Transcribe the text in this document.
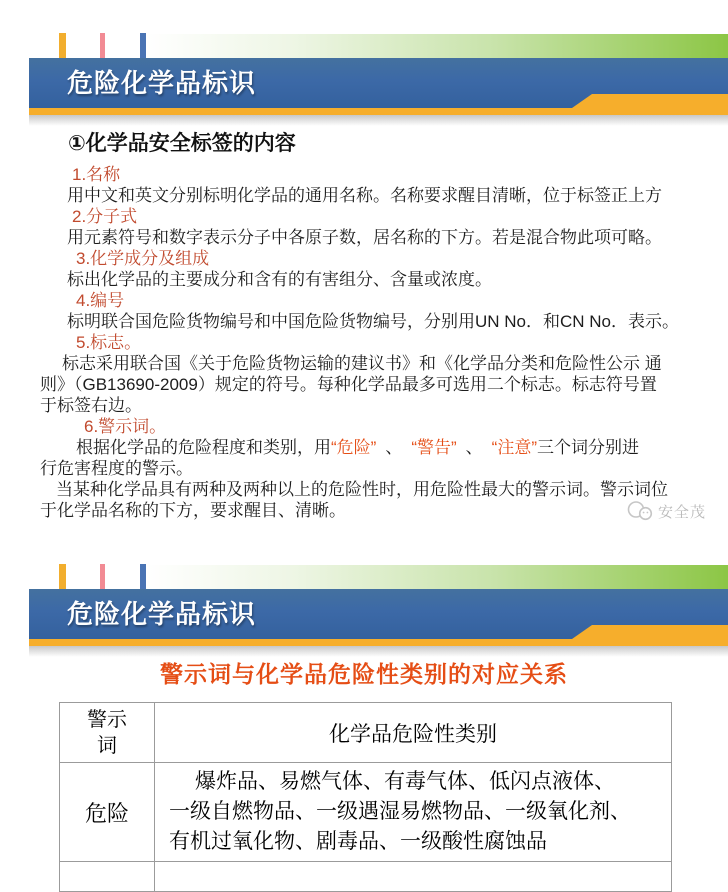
危险化学品标识
①化学品安全标签的内容
1.名称
用中文和英文分别标明化学品的通用名称。名称要求醒目清晰，位于标签正上方
2.分子式
用元素符号和数字表示分子中各原子数，居名称的下方。若是混合物此项可略。
3.化学成分及组成
标出化学品的主要成分和含有的有害组分、含量或浓度。
4.编号
标明联合国危险货物编号和中国危险货物编号，分别用UN No．和CN No．表示。
5.标志。
标志采用联合国《关于危险货物运输的建议书》和《化学品分类和危险性公示 通
则》（GB13690-2009）规定的符号。每种化学品最多可选用二个标志。标志符号置
于标签右边。
6.警示词。
根据化学品的危险程度和类别，用“危险” 、 “警告” 、 “注意”三个词分别进
行危害程度的警示。
当某种化学品具有两种及两种以上的危险性时，用危险性最大的警示词。警示词位
于化学品名称的下方，要求醒目、清晰。	安全茂
危险化学品标识
警示词与化学品危险性类别的对应关系
警示词	化学品危险性类别
危险	爆炸品、易燃气体、有毒气体、低闪点液体、
一级自燃物品、一级遇湿易燃物品、一级氧化剂、
有机过氧化物、剧毒品、一级酸性腐蚀品
